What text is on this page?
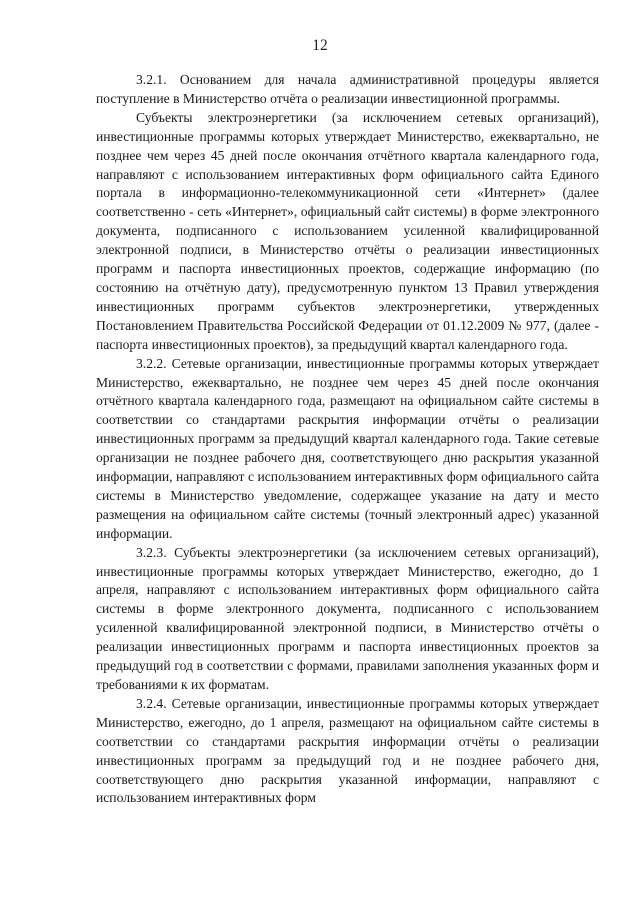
12

3.2.1. Основанием для начала административной процедуры является поступление в Министерство отчёта о реализации инвестиционной программы.

Субъекты электроэнергетики (за исключением сетевых организаций), инвестиционные программы которых утверждает Министерство, ежеквартально, не позднее чем через 45 дней после окончания отчётного квартала календарного года, направляют с использованием интерактивных форм официального сайта Единого портала в информационно-телекоммуникационной сети «Интернет» (далее соответственно - сеть «Интернет», официальный сайт системы) в форме электронного документа, подписанного с использованием усиленной квалифицированной электронной подписи, в Министерство отчёты о реализации инвестиционных программ и паспорта инвестиционных проектов, содержащие информацию (по состоянию на отчётную дату), предусмотренную пунктом 13 Правил утверждения инвестиционных программ субъектов электроэнергетики, утвержденных Постановлением Правительства Российской Федерации от 01.12.2009 № 977, (далее - паспорта инвестиционных проектов), за предыдущий квартал календарного года.

3.2.2. Сетевые организации, инвестиционные программы которых утверждает Министерство, ежеквартально, не позднее чем через 45 дней после окончания отчётного квартала календарного года, размещают на официальном сайте системы в соответствии со стандартами раскрытия информации отчёты о реализации инвестиционных программ за предыдущий квартал календарного года. Такие сетевые организации не позднее рабочего дня, соответствующего дню раскрытия указанной информации, направляют с использованием интерактивных форм официального сайта системы в Министерство уведомление, содержащее указание на дату и место размещения на официальном сайте системы (точный электронный адрес) указанной информации.

3.2.3. Субъекты электроэнергетики (за исключением сетевых организаций), инвестиционные программы которых утверждает Министерство, ежегодно, до 1 апреля, направляют с использованием интерактивных форм официального сайта системы в форме электронного документа, подписанного с использованием усиленной квалифицированной электронной подписи, в Министерство отчёты о реализации инвестиционных программ и паспорта инвестиционных проектов за предыдущий год в соответствии с формами, правилами заполнения указанных форм и требованиями к их форматам.

3.2.4. Сетевые организации, инвестиционные программы которых утверждает Министерство, ежегодно, до 1 апреля, размещают на официальном сайте системы в соответствии со стандартами раскрытия информации отчёты о реализации инвестиционных программ за предыдущий год и не позднее рабочего дня, соответствующего дню раскрытия указанной информации, направляют с использованием интерактивных форм
